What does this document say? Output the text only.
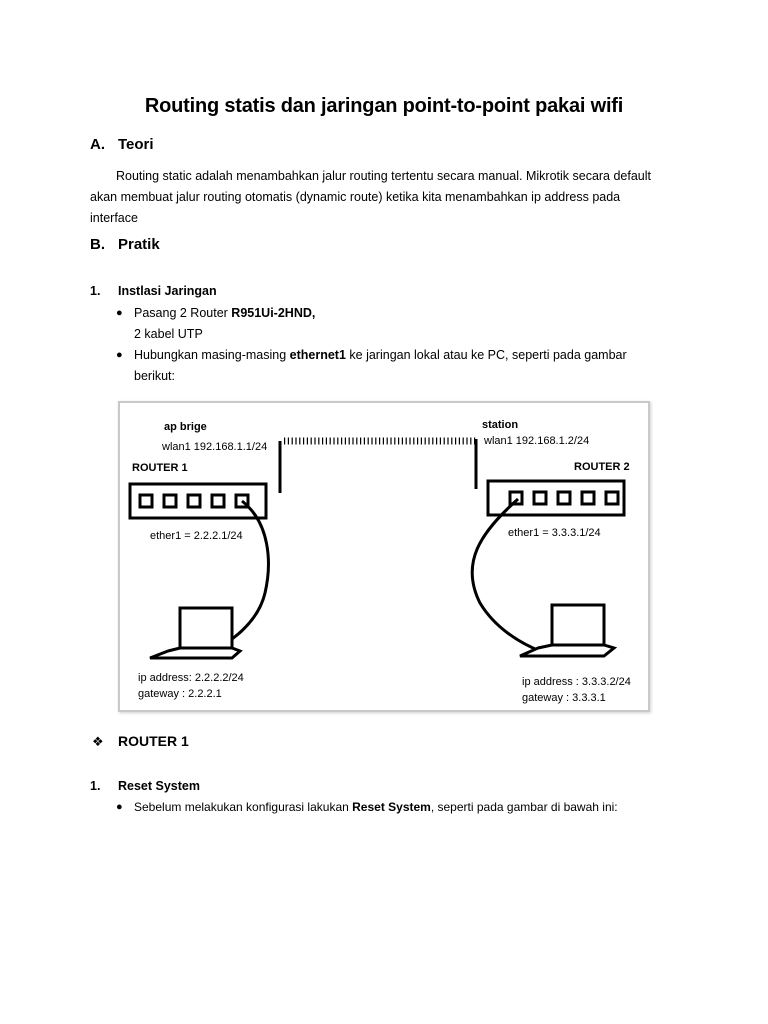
Routing statis dan jaringan point-to-point pakai wifi
A. Teori
Routing static adalah menambahkan jalur routing tertentu secara manual. Mikrotik secara default
akan membuat jalur routing otomatis (dynamic route) ketika kita menambahkan ip address pada
interface
B. Pratik
1. Instlasi Jaringan
● Pasang 2 Router R951Ui-2HND,
2 kabel UTP
● Hubungkan masing-masing ethernet1 ke jaringan lokal atau ke PC, seperti pada gambar
berikut:
ap brige
wlan1 192.168.1.1/24
ROUTER 1
station
wlan1 192.168.1.2/24
ROUTER 2
ether1 = 2.2.2.1/24	ether1 = 3.3.3.1/24
ip address: 2.2.2.2/24
gateway : 2.2.2.1
ip address : 3.3.3.2/24
gateway : 3.3.3.1
❖ ROUTER 1
1. Reset System
● Sebelum melakukan konfigurasi lakukan Reset System, seperti pada gambar di bawah ini:
